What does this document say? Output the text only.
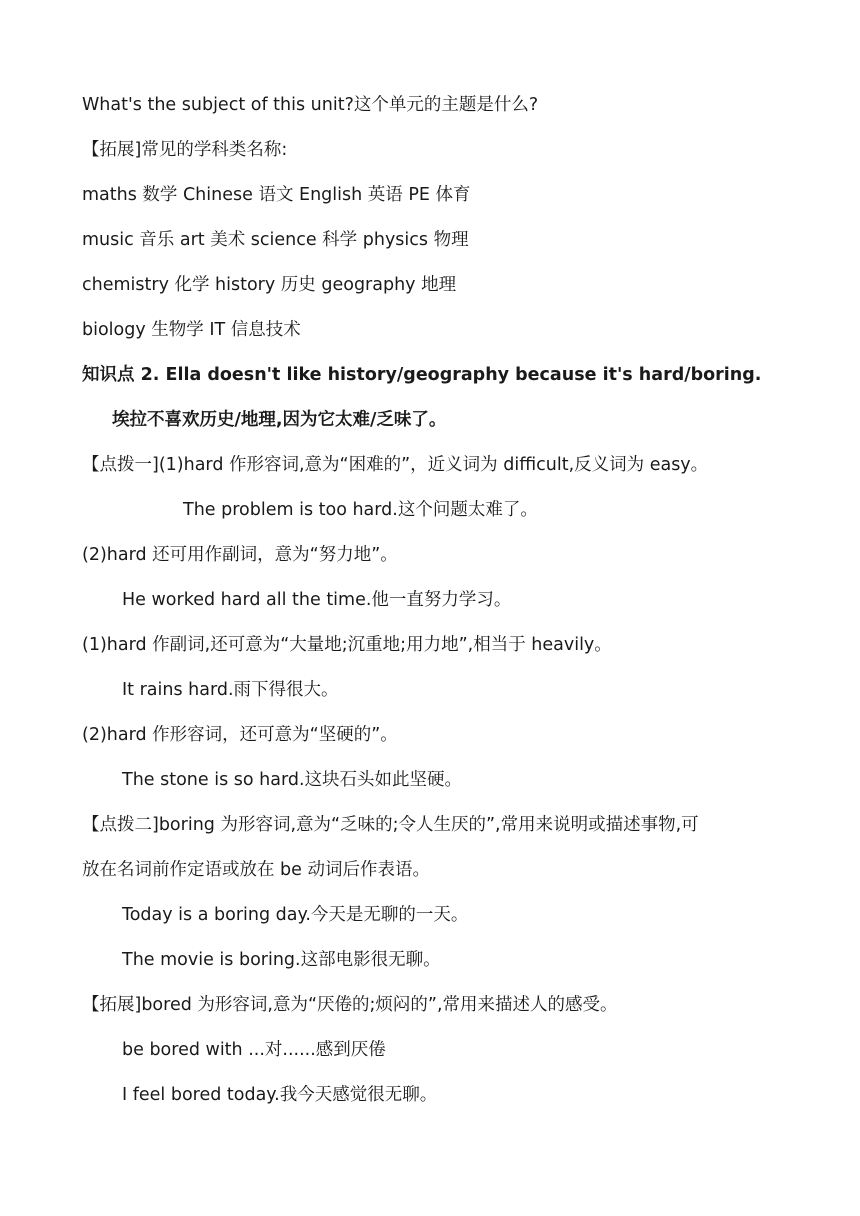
What's the subject of this unit?这个单元的主题是什么?
【拓展]常见的学科类名称:
maths 数学 Chinese 语文 English 英语 PE 体育
music 音乐 art 美术 science 科学 physics 物理
chemistry 化学 history 历史 geography 地理
biology 生物学 IT 信息技术
知识点 2. Ella doesn't like history/geography because it's hard/boring.
埃拉不喜欢历史/地理,因为它太难/乏味了。
【点拨一](1)hard 作形容词,意为“困难的”，近义词为 difficult,反义词为 easy。
The problem is too hard.这个问题太难了。
(2)hard 还可用作副词，意为“努力地”。
He worked hard all the time.他一直努力学习。
(1)hard 作副词,还可意为“大量地;沉重地;用力地”,相当于 heavily。
It rains hard.雨下得很大。
(2)hard 作形容词，还可意为“坚硬的”。
The stone is so hard.这块石头如此坚硬。
【点拨二]boring 为形容词,意为“乏味的;令人生厌的”,常用来说明或描述事物,可
放在名词前作定语或放在 be 动词后作表语。
Today is a boring day.今天是无聊的一天。
The movie is boring.这部电影很无聊。
【拓展]bored 为形容词,意为“厌倦的;烦闷的”,常用来描述人的感受。
be bored with ...对......感到厌倦
I feel bored today.我今天感觉很无聊。
